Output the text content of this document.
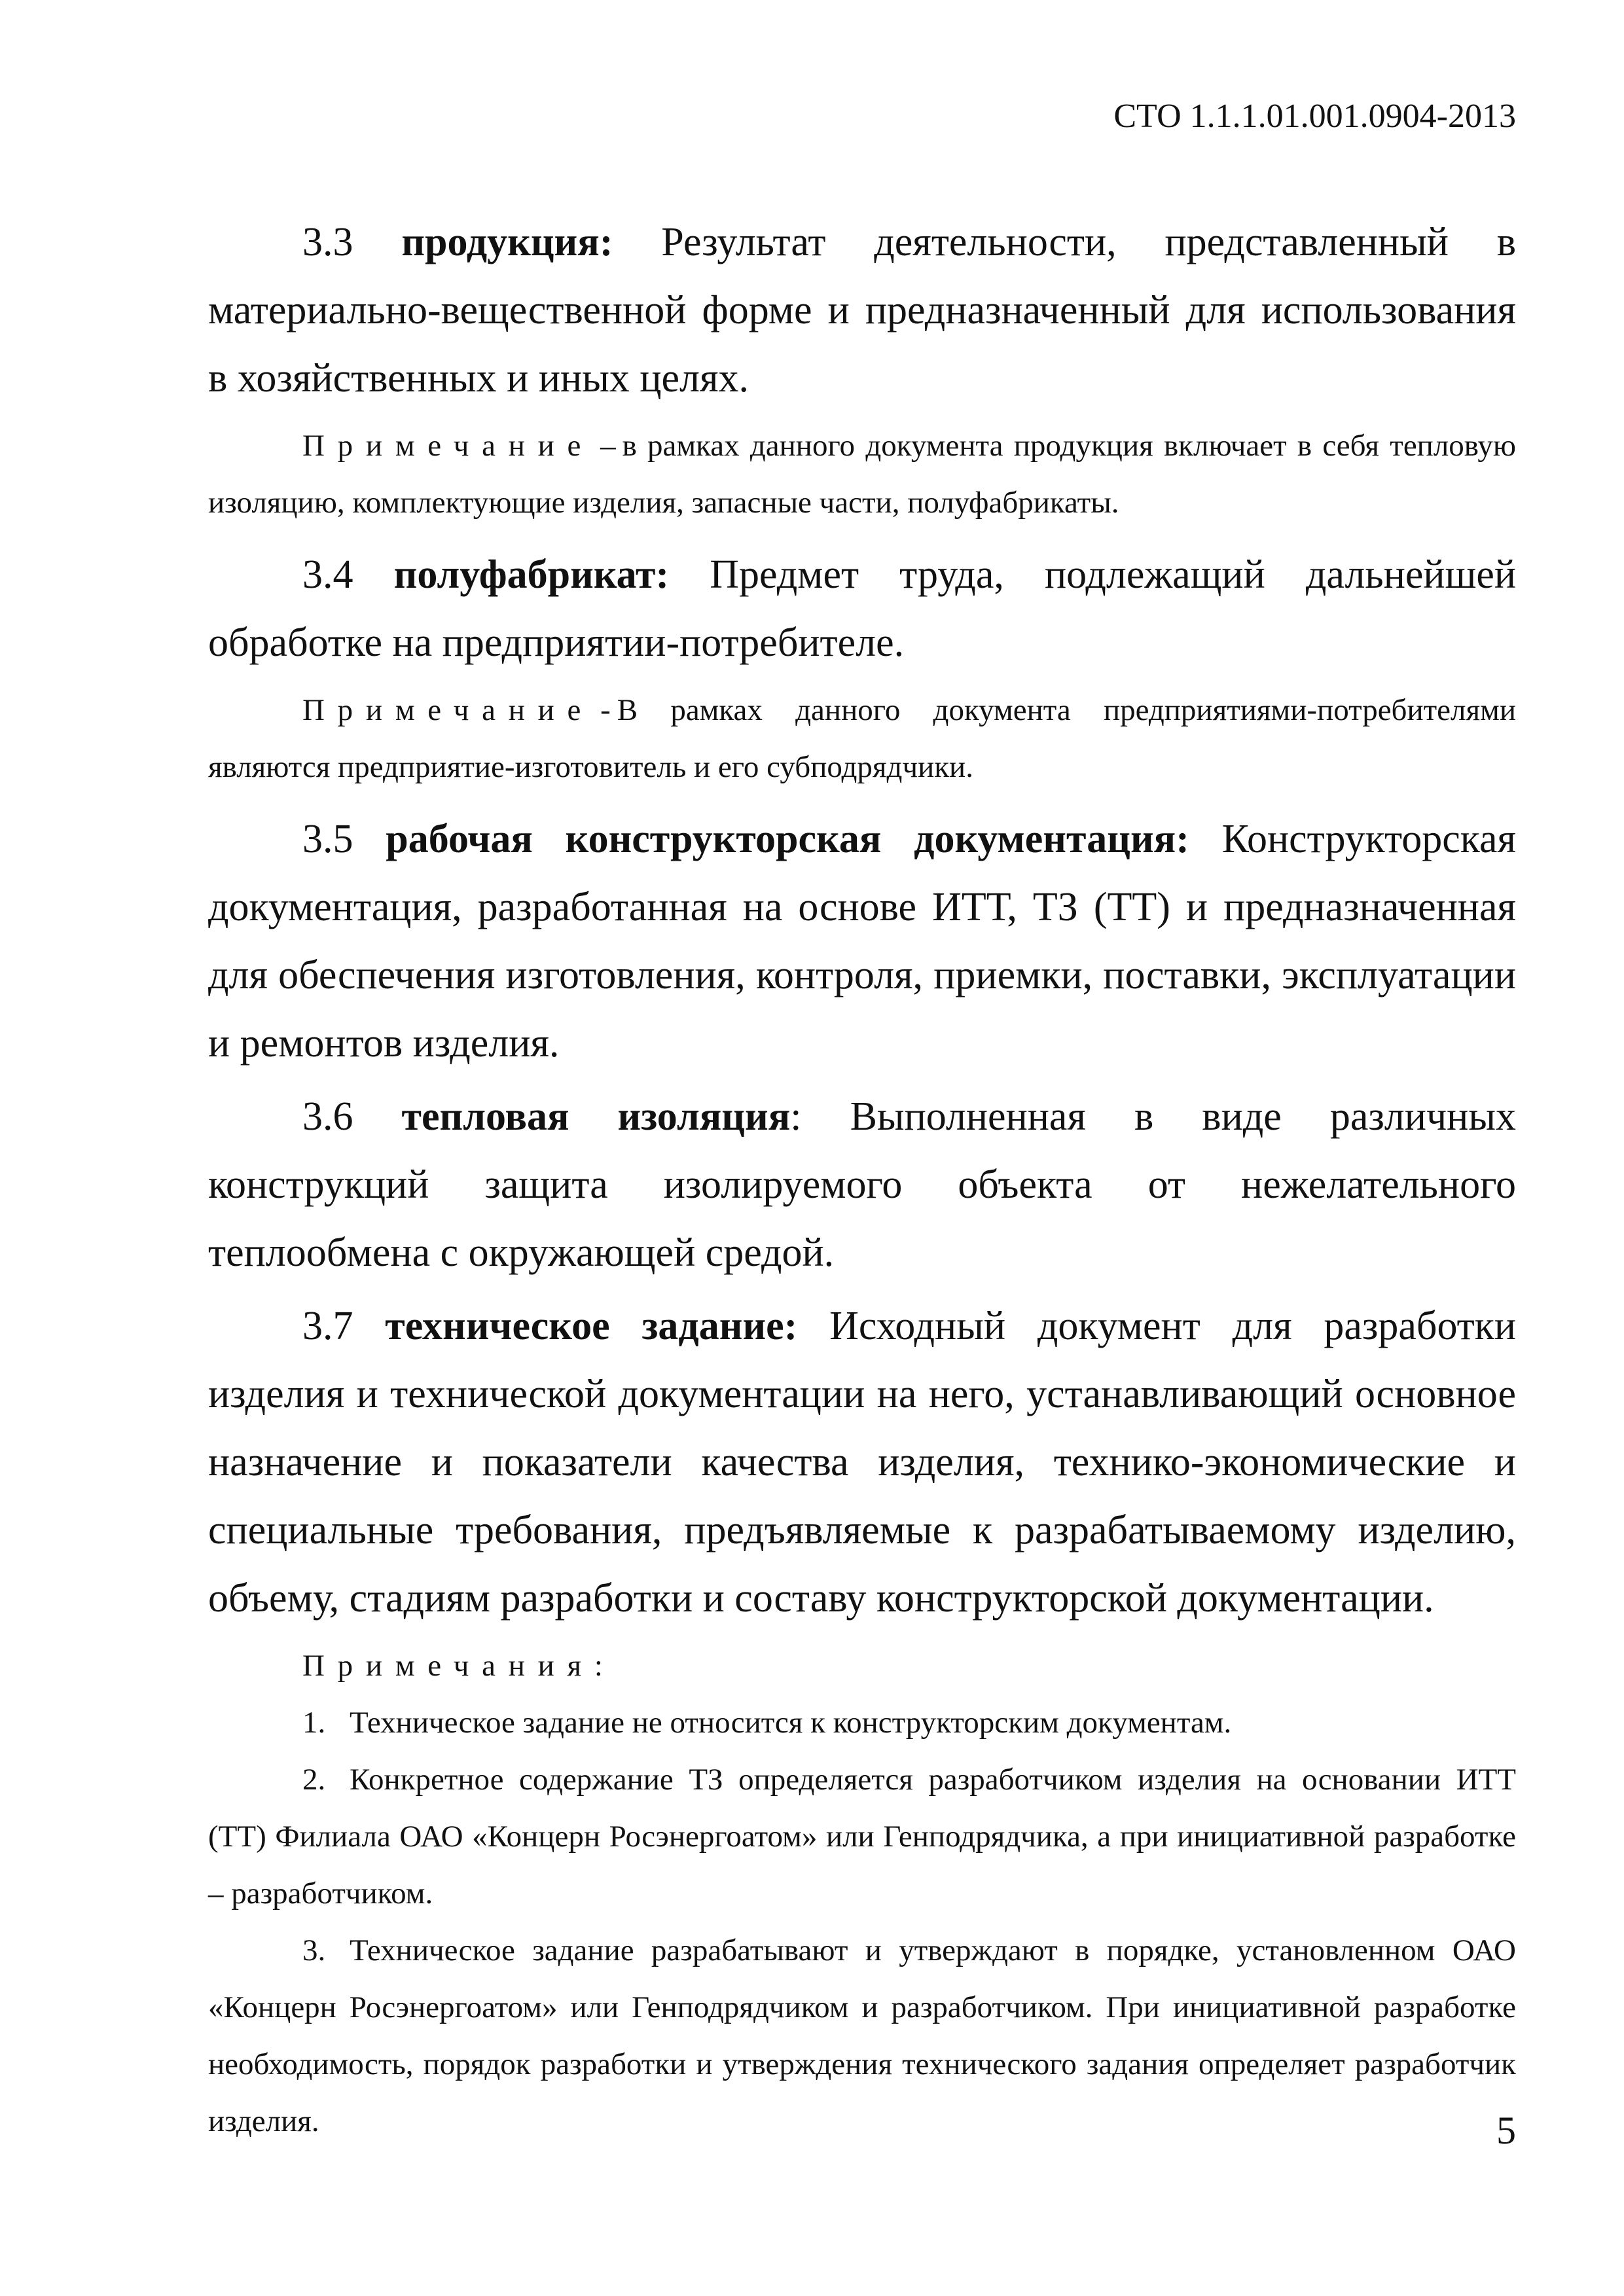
СТО 1.1.1.01.001.0904-2013

3.3 продукция: Результат деятельности, представленный в материально-вещественной форме и предназначенный для использования в хозяйственных и иных целях.

Примечание – в рамках данного документа продукция включает в себя тепловую изоляцию, комплектующие изделия, запасные части, полуфабрикаты.

3.4 полуфабрикат: Предмет труда, подлежащий дальнейшей обработке на предприятии-потребителе.

Примечание - В рамках данного документа предприятиями-потребителями являются предприятие-изготовитель и его субподрядчики.

3.5 рабочая конструкторская документация: Конструкторская документация, разработанная на основе ИТТ, ТЗ (ТТ) и предназначенная для обеспечения изготовления, контроля, приемки, поставки, эксплуатации и ремонтов изделия.

3.6 тепловая изоляция: Выполненная в виде различных конструкций защита изолируемого объекта от нежелательного теплообмена с окружающей средой.

3.7 техническое задание: Исходный документ для разработки изделия и технической документации на него, устанавливающий основное назначение и показатели качества изделия, технико-экономические и специальные требования, предъявляемые к разрабатываемому изделию, объему, стадиям разработки и составу конструкторской документации.

Примечания:

1. Техническое задание не относится к конструкторским документам.

2. Конкретное содержание ТЗ определяется разработчиком изделия на основании ИТТ (ТТ) Филиала ОАО «Концерн Росэнергоатом» или Генподрядчика, а при инициативной разработке – разработчиком.

3. Техническое задание разрабатывают и утверждают в порядке, установленном ОАО «Концерн Росэнергоатом» или Генподрядчиком и разработчиком. При инициативной разработке необходимость, порядок разработки и утверждения технического задания определяет разработчик изделия.	5
